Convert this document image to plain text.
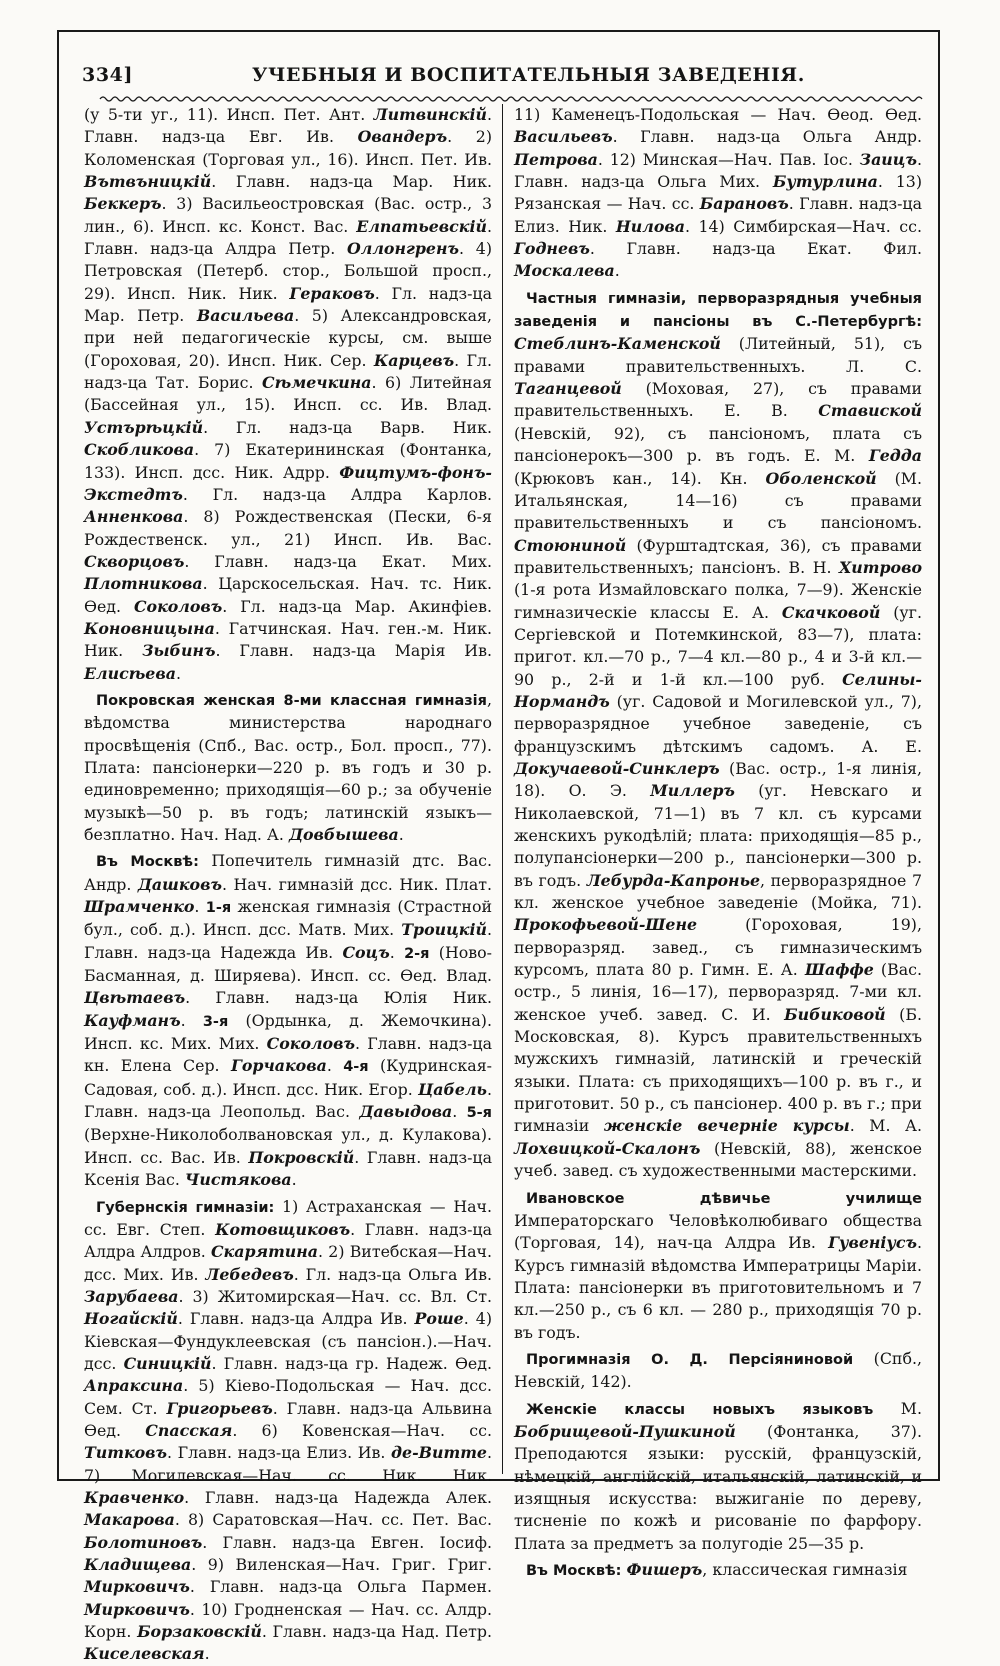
334]	УЧЕБНЫЯ И ВОСПИТАТЕЛЬНЫЯ ЗАВЕДЕНІЯ.

(у 5-ти уг., 11). Инсп. Пет. Ант. Литвинскій. Главн. надз-ца Евг. Ив. Овандеръ. 2) Коломенская (Торговая ул., 16). Инсп. Пет. Ив. Вътвъницкій. Главн. надз-ца Мар. Ник. Беккеръ. 3) Васильеостровская (Вас. остр., 3 лин., 6). Инсп. кс. Конст. Вас. Елпатьевскій. Главн. надз-ца Алдра Петр. Оллонгренъ. 4) Петровская (Петерб. стор., Большой просп., 29). Инсп. Ник. Ник. Гераковъ. Гл. надз-ца Мар. Петр. Васильева. 5) Александровская, при ней педагогическіе курсы, см. выше (Гороховая, 20). Инсп. Ник. Сер. Карцевъ. Гл. надз-ца Тат. Борис. Сѣмечкина. 6) Литейная (Бассейная ул., 15). Инсп. сс. Ив. Влад. Устърѣцкій. Гл. надз-ца Варв. Ник. Скобликова. 7) Екатерининская (Фонтанка, 133). Инсп. дсс. Ник. Адрр. Фицтумъ-фонъ-Экстедтъ. Гл. надз-ца Алдра Карлов. Анненкова. 8) Рождественская (Пески, 6-я Рождественск. ул., 21) Инсп. Ив. Вас. Скворцовъ. Главн. надз-ца Екат. Мих. Плотникова. Царскосельская. Нач. тс. Ник. Ѳед. Соколовъ. Гл. надз-ца Мар. Акинфіев. Коновницына. Гатчинская. Нач. ген.-м. Ник. Ник. Зыбинъ. Главн. надз-ца Марія Ив. Елисѣева.

Покровская женская 8-ми классная гимназія, вѣдомства министерства народнаго просвѣщенія (Спб., Вас. остр., Бол. просп., 77). Плата: пансіонерки—220 р. въ годъ и 30 р. единовременно; приходящія—60 р.; за обученіе музыкѣ—50 р. въ годъ; латинскій языкъ—безплатно. Нач. Над. А. Довбышева.

Въ Москвѣ: Попечитель гимназій дтс. Вас. Андр. Дашковъ. Нач. гимназій дсс. Ник. Плат. Шрамченко. 1-я женская гимназія (Страстной бул., соб. д.). Инсп. дсс. Матв. Мих. Троицкій. Главн. надз-ца Надежда Ив. Соцъ. 2-я (Ново-Басманная, д. Ширяева). Инсп. сс. Ѳед. Влад. Цвѣтаевъ. Главн. надз-ца Юлія Ник. Кауфманъ. 3-я (Ордынка, д. Жемочкина). Инсп. кс. Мих. Мих. Соколовъ. Главн. надз-ца кн. Елена Сер. Горчакова. 4-я (Кудринская-Садовая, соб. д.). Инсп. дсс. Ник. Егор. Цабель. Главн. надз-ца Леопольд. Вас. Давыдова. 5-я (Верхне-Николоболвановская ул., д. Кулакова). Инсп. сс. Вас. Ив. Покровскій. Главн. надз-ца Ксенія Вас. Чистякова.

Губернскія гимназіи: 1) Астраханская — Нач. сс. Евг. Степ. Котовщиковъ. Главн. надз-ца Алдра Алдров. Скарятина. 2) Витебская—Нач. дсс. Мих. Ив. Лебедевъ. Гл. надз-ца Ольга Ив. Зарубаева. 3) Житомирская—Нач. сс. Вл. Ст. Ногайскій. Главн. надз-ца Алдра Ив. Роше. 4) Кіевская—Фундуклеевская (съ пансіон.).—Нач. дсс. Синицкій. Главн. надз-ца гр. Надеж. Ѳед. Апраксина. 5) Кіево-Подольская — Нач. дсс. Сем. Ст. Григорьевъ. Главн. надз-ца Альвина Ѳед. Спасская. 6) Ковенская—Нач. сс. Титковъ. Главн. надз-ца Елиз. Ив. де-Витте. 7) Могилевская—Нач. сс. Ник. Ник. Кравченко. Главн. надз-ца Надежда Алек. Макарова. 8) Саратовская—Нач. сс. Пет. Вас. Болотиновъ. Главн. надз-ца Евген. Іосиф. Кладищева. 9) Виленская—Нач. Григ. Григ. Мирковичъ. Главн. надз-ца Ольга Пармен. Мирковичъ. 10) Гродненская — Нач. сс. Алдр. Корн. Борзаковскій. Главн. надз-ца Над. Петр. Киселевская.

11) Каменецъ-Подольская — Нач. Ѳеод. Ѳед. Васильевъ. Главн. надз-ца Ольга Андр. Петрова. 12) Минская—Нач. Пав. Іос. Заицъ. Главн. надз-ца Ольга Мих. Бутурлина. 13) Рязанская — Нач. сс. Барановъ. Главн. надз-ца Елиз. Ник. Нилова. 14) Симбирская—Нач. сс. Годневъ. Главн. надз-ца Екат. Фил. Москалева.

Частныя гимназіи, перворазрядныя учебныя заведенія и пансіоны въ С.-Петербургѣ: Стеблинъ-Каменской (Литейный, 51), съ правами правительственныхъ. Л. С. Таганцевой (Моховая, 27), съ правами правительственныхъ. Е. В. Ставиской (Невскій, 92), съ пансіономъ, плата съ пансіонерокъ—300 р. въ годъ. Е. М. Гедда (Крюковъ кан., 14). Кн. Оболенской (М. Итальянская, 14—16) съ правами правительственныхъ и съ пансіономъ. Стоюниной (Фурштадтская, 36), съ правами правительственныхъ; пансіонъ. В. Н. Хитрово (1-я рота Измайловскаго полка, 7—9). Женскіе гимназическіе классы Е. А. Скачковой (уг. Сергіевской и Потемкинской, 83—7), плата: пригот. кл.—70 р., 7—4 кл.—80 р., 4 и 3-й кл.—90 р., 2-й и 1-й кл.—100 руб. Селины-Нормандъ (уг. Садовой и Могилевской ул., 7), перворазрядное учебное заведеніе, съ французскимъ дѣтскимъ садомъ. А. Е. Докучаевой-Синклеръ (Вас. остр., 1-я линія, 18). О. Э. Миллеръ (уг. Невскаго и Николаевской, 71—1) въ 7 кл. съ курсами женскихъ рукодѣлій; плата: приходящія—85 р., полупансіонерки—200 р., пансіонерки—300 р. въ годъ. Лебурда-Капронье, перворазрядное 7 кл. женское учебное заведеніе (Мойка, 71). Прокофьевой-Шене (Гороховая, 19), перворазряд. завед., съ гимназическимъ курсомъ, плата 80 р. Гимн. Е. А. Шаффе (Вас. остр., 5 линія, 16—17), перворазряд. 7-ми кл. женское учеб. завед. С. И. Бибиковой (Б. Московская, 8). Курсъ правительственныхъ мужскихъ гимназій, латинскій и греческій языки. Плата: съ приходящихъ—100 р. въ г., и приготовит. 50 р., съ пансіонер. 400 р. въ г.; при гимназіи женскіе вечерніе курсы. М. А. Лохвицкой-Скалонъ (Невскій, 88), женское учеб. завед. съ художественными мастерскими.

Ивановское дѣвичье училище Императорскаго Человѣколюбиваго общества (Торговая, 14), нач-ца Алдра Ив. Гувеніусъ. Курсъ гимназій вѣдомства Императрицы Маріи. Плата: пансіонерки въ приготовительномъ и 7 кл.—250 р., съ 6 кл. — 280 р., приходящія 70 р. въ годъ.

Прогимназія О. Д. Персіяниновой (Спб., Невскій, 142).

Женскіе классы новыхъ языковъ М. Бобрищевой-Пушкиной (Фонтанка, 37). Преподаются языки: русскій, французскій, нѣмецкій, англійскій, итальянскій, латинскій, и изящныя искусства: выжиганіе по дереву, тисненіе по кожѣ и рисованіе по фарфору. Плата за предметъ за полугодіе 25—35 р.

Въ Москвѣ: Фишеръ, классическая гимназія
